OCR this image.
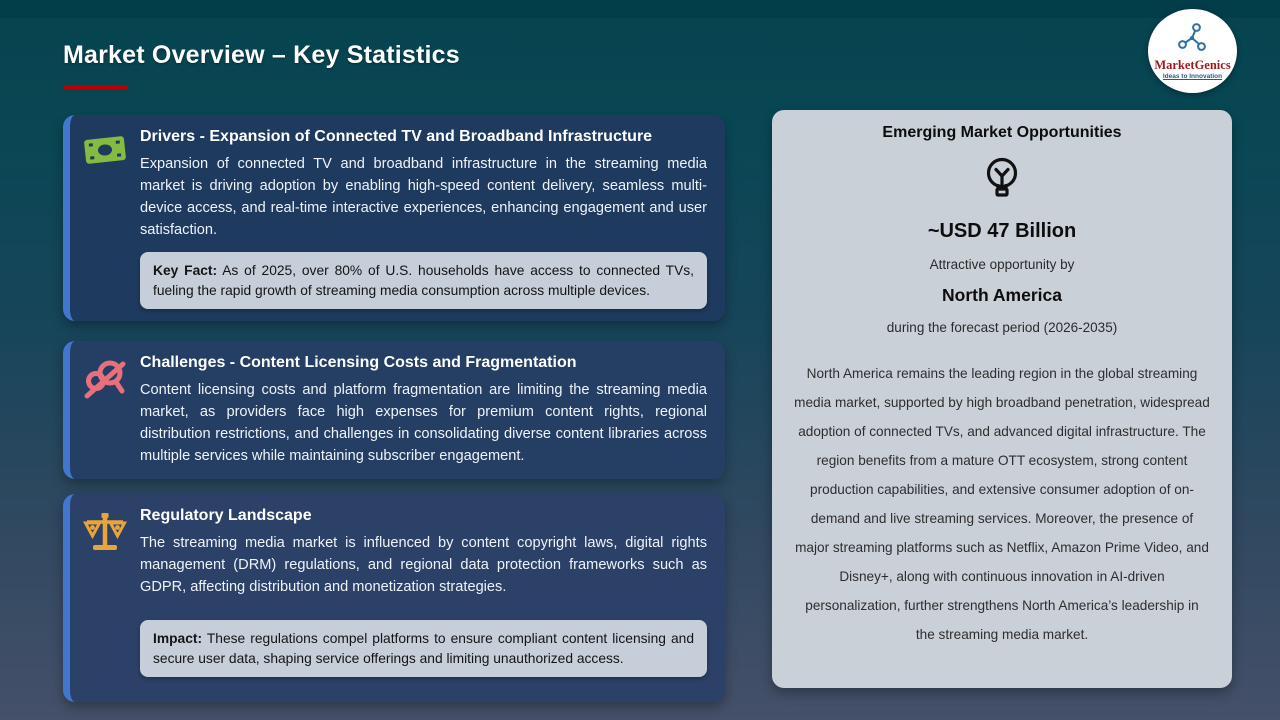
Market Overview – Key Statistics	MarketGenics
Ideas to Innovation
Drivers - Expansion of Connected TV and Broadband Infrastructure
Expansion of connected TV and broadband infrastructure in the streaming media market is driving adoption by enabling high-speed content delivery, seamless multi-device access, and real-time interactive experiences, enhancing engagement and user satisfaction.
Key Fact: As of 2025, over 80% of U.S. households have access to connected TVs, fueling the rapid growth of streaming media consumption across multiple devices.
Challenges - Content Licensing Costs and Fragmentation
Content licensing costs and platform fragmentation are limiting the streaming media market, as providers face high expenses for premium content rights, regional distribution restrictions, and challenges in consolidating diverse content libraries across multiple services while maintaining subscriber engagement.
Regulatory Landscape
The streaming media market is influenced by content copyright laws, digital rights management (DRM) regulations, and regional data protection frameworks such as GDPR, affecting distribution and monetization strategies.
Impact: These regulations compel platforms to ensure compliant content licensing and secure user data, shaping service offerings and limiting unauthorized access.
Emerging Market Opportunities
~USD 47 Billion
Attractive opportunity by
North America
during the forecast period (2026-2035)
North America remains the leading region in the global streaming media market, supported by high broadband penetration, widespread adoption of connected TVs, and advanced digital infrastructure. The region benefits from a mature OTT ecosystem, strong content production capabilities, and extensive consumer adoption of on-demand and live streaming services. Moreover, the presence of major streaming platforms such as Netflix, Amazon Prime Video, and Disney+, along with continuous innovation in AI-driven personalization, further strengthens North America’s leadership in the streaming media market.
